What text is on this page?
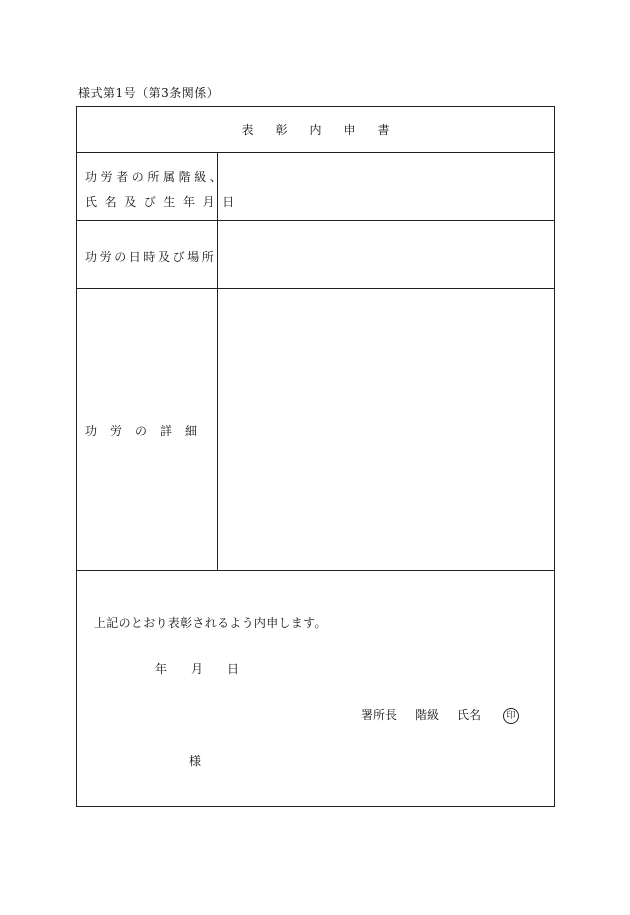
様式第1号（第3条関係）
表彰内申書
功労者の所属階級、
氏名及び生年月日
功労の日時及び場所
功労の詳細
上記のとおり表彰されるよう内申します。
年 月 日
署所長 階級 氏名	印
様
